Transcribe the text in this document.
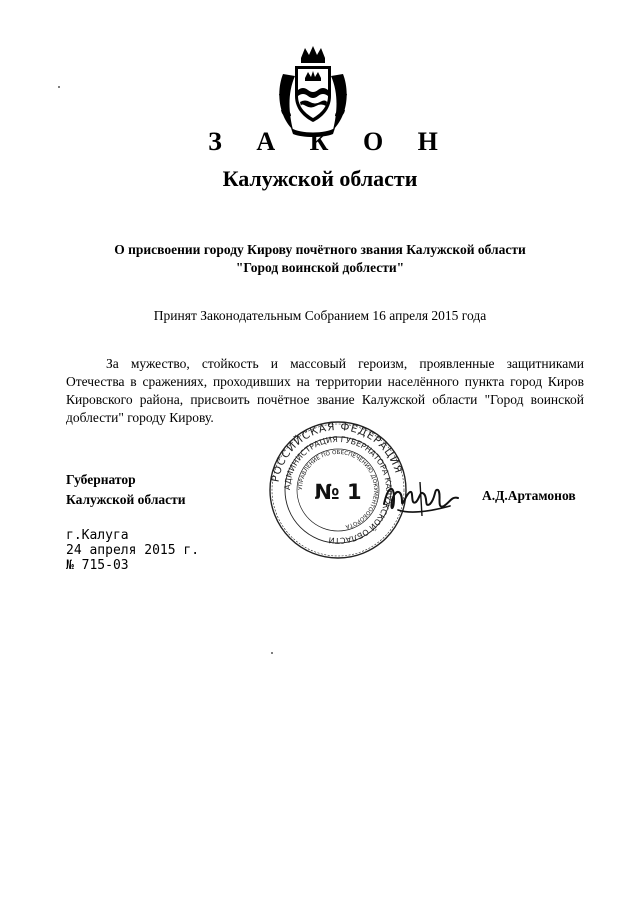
З А К О Н
Калужской области
О присвоении городу Кирову почётного звания Калужской области
"Город воинской доблести"
Принят Законодательным Собранием 16 апреля 2015 года
За мужество, стойкость и массовый героизм, проявленные защитниками Отечества в сражениях, проходивших на территории населённого пункта город Киров Кировского района, присвоить почётное звание Калужской области "Город воинской доблести" городу Кирову.
Губернатор
Калужской области
РОССИЙСКАЯ ФЕДЕРАЦИЯ
АДМИНИСТРАЦИЯ ГУБЕРНАТОРА КАЛУЖСКОЙ ОБЛАСТИ
УПРАВЛЕНИЕ ПО ОБЕСПЕЧЕНИЮ ДОКУМЕНТООБОРОТА
№ 1	А.Д.Артамонов
г.Калуга
24 апреля 2015 г.
№ 715-03
